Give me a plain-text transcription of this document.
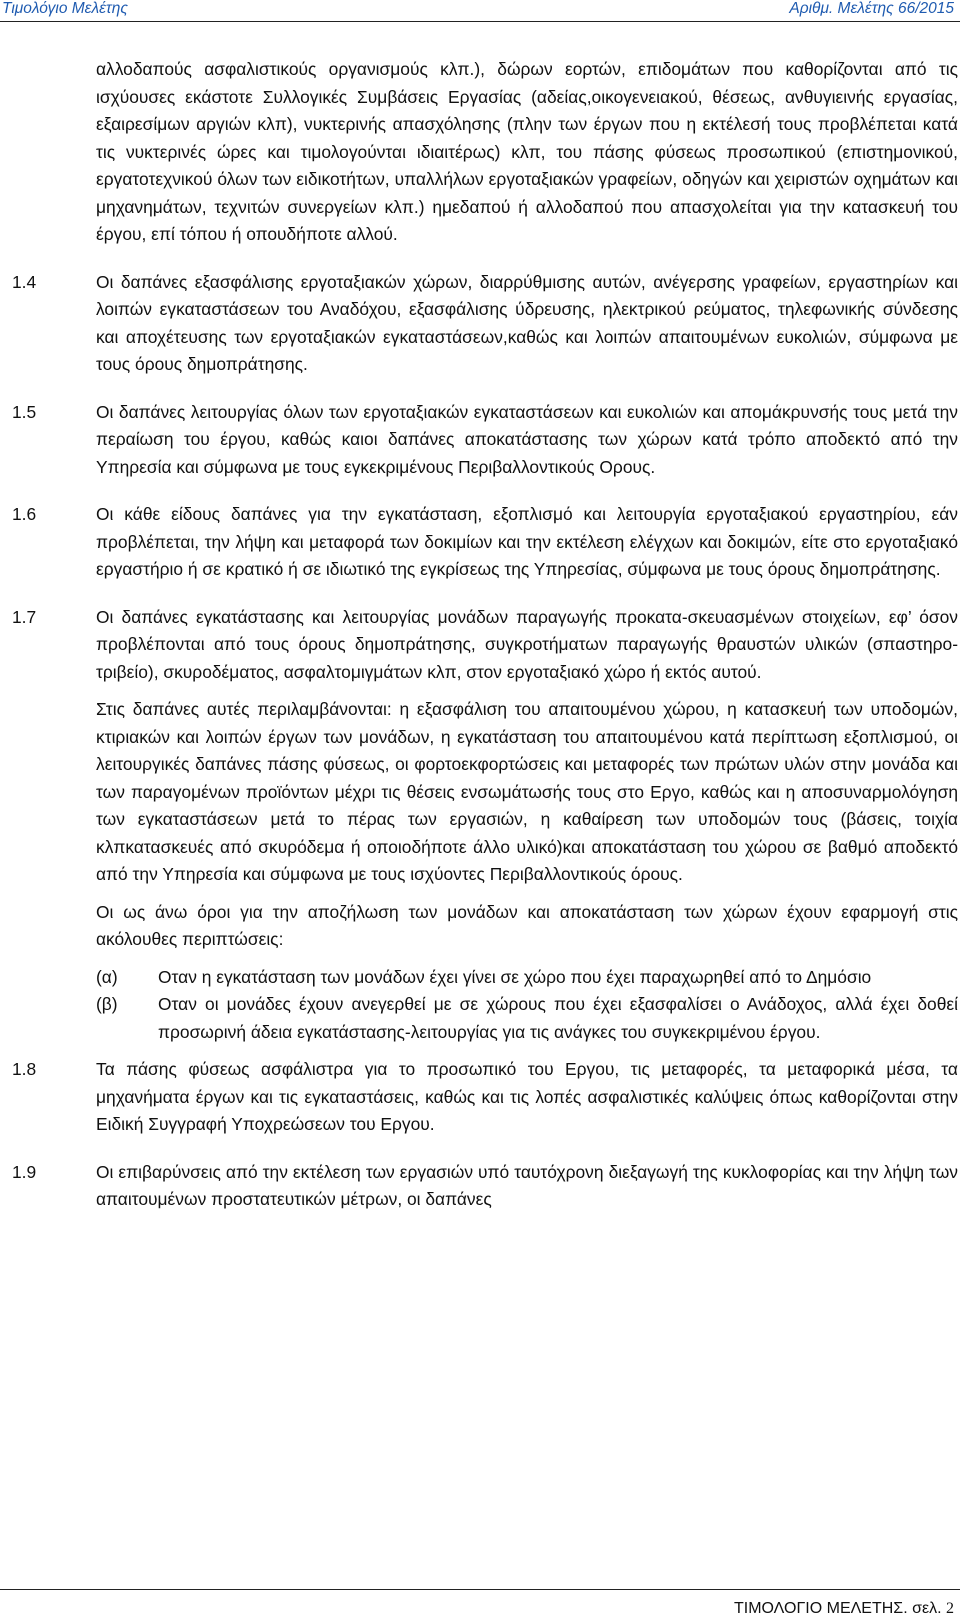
Τιμολόγιο Μελέτης	Αριθμ. Μελέτης 66/2015

αλλοδαπούς ασφαλιστικούς οργανισμούς κλπ.), δώρων εορτών, επιδομάτων που καθορίζονται από τις ισχύουσες εκάστοτε Συλλογικές Συμβάσεις Εργασίας (αδείας,οικογενειακού, θέσεως, ανθυγιεινής εργασίας, εξαιρεσίμων αργιών κλπ), νυκτερινής απασχόλησης (πλην των έργων που η εκτέλεσή τους προβλέπεται κατά τις νυκτερινές ώρες και τιμολογούνται ιδιαιτέρως) κλπ, του πάσης φύσεως προσωπικού (επιστημονικού, εργατοτεχνικού όλων των ειδικοτήτων, υπαλλήλων εργοταξιακών γραφείων, οδηγών και χειριστών οχημάτων και μηχανημάτων, τεχνιτών συνεργείων κλπ.) ημεδαπού ή αλλοδαπού που απασχολείται για την κατασκευή του έργου, επί τόπου ή οπουδήποτε αλλού.

1.4	Οι δαπάνες εξασφάλισης εργοταξιακών χώρων, διαρρύθμισης αυτών, ανέγερσης γραφείων, εργαστηρίων και λοιπών εγκαταστάσεων του Αναδόχου, εξασφάλισης ύδρευσης, ηλεκτρικού ρεύματος, τηλεφωνικής σύνδεσης και αποχέτευσης των εργοταξιακών εγκαταστάσεων,καθώς και λοιπών απαιτουμένων ευκολιών, σύμφωνα με τους όρους δημοπράτησης.

1.5	Οι δαπάνες λειτουργίας όλων των εργοταξιακών εγκαταστάσεων και ευκολιών και απομάκρυνσής τους μετά την περαίωση του έργου, καθώς καιοι δαπάνες αποκατάστασης των χώρων κατά τρόπο αποδεκτό από την Υπηρεσία και σύμφωνα με τους εγκεκριμένους Περιβαλλοντικούς Ορους.

1.6	Οι κάθε είδους δαπάνες για την εγκατάσταση, εξοπλισμό και λειτουργία εργοταξιακού εργαστηρίου, εάν προβλέπεται, την λήψη και μεταφορά των δοκιμίων και την εκτέλεση ελέγχων και δοκιμών, είτε στο εργοταξιακό εργαστήριο ή σε κρατικό ή σε ιδιωτικό της εγκρίσεως της Υπηρεσίας, σύμφωνα με τους όρους δημοπράτησης.

1.7	Οι δαπάνες εγκατάστασης και λειτουργίας μονάδων παραγωγής προκατα-σκευασμένων στοιχείων, εφ’ όσον προβλέπονται από τους όρους δημοπράτησης, συγκροτήματων παραγωγής θραυστών υλικών (σπαστηρο-τριβείο), σκυροδέματος, ασφαλτομιγμάτων κλπ, στον εργοταξιακό χώρο ή εκτός αυτού.

Στις δαπάνες αυτές περιλαμβάνονται: η εξασφάλιση του απαιτουμένου χώρου, η κατασκευή των υποδομών, κτιριακών και λοιπών έργων των μονάδων, η εγκατάσταση του απαιτουμένου κατά περίπτωση εξοπλισμού, οι λειτουργικές δαπάνες πάσης φύσεως, οι φορτοεκφορτώσεις και μεταφορές των πρώτων υλών στην μονάδα και των παραγομένων προϊόντων μέχρι τις θέσεις ενσωμάτωσής τους στο Εργο, καθώς και η αποσυναρμολόγηση των εγκαταστάσεων μετά το πέρας των εργασιών, η καθαίρεση των υποδομών τους (βάσεις, τοιχία κλπκατασκευές από σκυρόδεμα ή οποιοδήποτε άλλο υλικό)και αποκατάσταση του χώρου σε βαθμό αποδεκτό από την Υπηρεσία και σύμφωνα με τους ισχύοντες Περιβαλλοντικούς όρους.

Οι ως άνω όροι για την αποζήλωση των μονάδων και αποκατάσταση των χώρων έχουν εφαρμογή στις ακόλουθες περιπτώσεις:

(α) Οταν η εγκατάσταση των μονάδων έχει γίνει σε χώρο που έχει παραχωρηθεί από το Δημόσιο

(β) Οταν οι μονάδες έχουν ανεγερθεί με σε χώρους που έχει εξασφαλίσει ο Ανάδοχος, αλλά έχει δοθεί προσωρινή άδεια εγκατάστασης-λειτουργίας για τις ανάγκες του συγκεκριμένου έργου.

1.8	Τα πάσης φύσεως ασφάλιστρα για το προσωπικό του Εργου, τις μεταφορές, τα μεταφορικά μέσα, τα μηχανήματα έργων και τις εγκαταστάσεις, καθώς και τις λοπές ασφαλιστικές καλύψεις όπως καθορίζονται στην Ειδική Συγγραφή Υποχρεώσεων του Εργου.

1.9	Οι επιβαρύνσεις από την εκτέλεση των εργασιών υπό ταυτόχρονη διεξαγωγή της κυκλοφορίας και την λήψη των απαιτουμένων προστατευτικών μέτρων, οι δαπάνες

ΤΙΜΟΛΟΓΙΟ ΜΕΛΕΤΗΣ. σελ. 2
